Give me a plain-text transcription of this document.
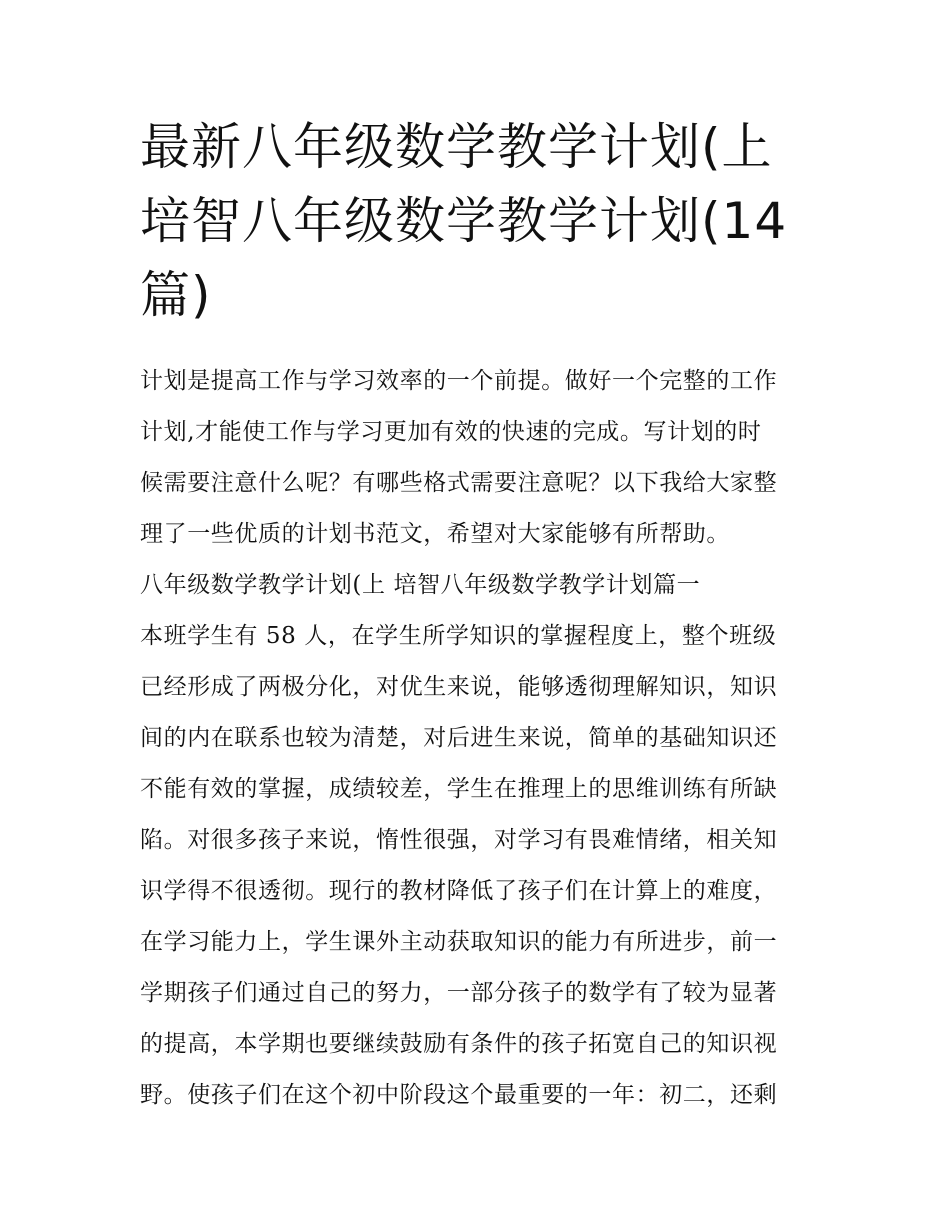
最新八年级数学教学计划(上
培智八年级数学教学计划(14
篇)
计划是提高工作与学习效率的一个前提。做好一个完整的工作
计划,才能使工作与学习更加有效的快速的完成。写计划的时
候需要注意什么呢？有哪些格式需要注意呢？以下我给大家整
理了一些优质的计划书范文，希望对大家能够有所帮助。
八年级数学教学计划(上 培智八年级数学教学计划篇一
本班学生有 58 人，在学生所学知识的掌握程度上，整个班级
已经形成了两极分化，对优生来说，能够透彻理解知识，知识
间的内在联系也较为清楚，对后进生来说，简单的基础知识还
不能有效的掌握，成绩较差，学生在推理上的思维训练有所缺
陷。对很多孩子来说，惰性很强，对学习有畏难情绪，相关知
识学得不很透彻。现行的教材降低了孩子们在计算上的难度，
在学习能力上，学生课外主动获取知识的能力有所进步，前一
学期孩子们通过自己的努力，一部分孩子的数学有了较为显著
的提高，本学期也要继续鼓励有条件的孩子拓宽自己的知识视
野。使孩子们在这个初中阶段这个最重要的一年：初二，还剩
